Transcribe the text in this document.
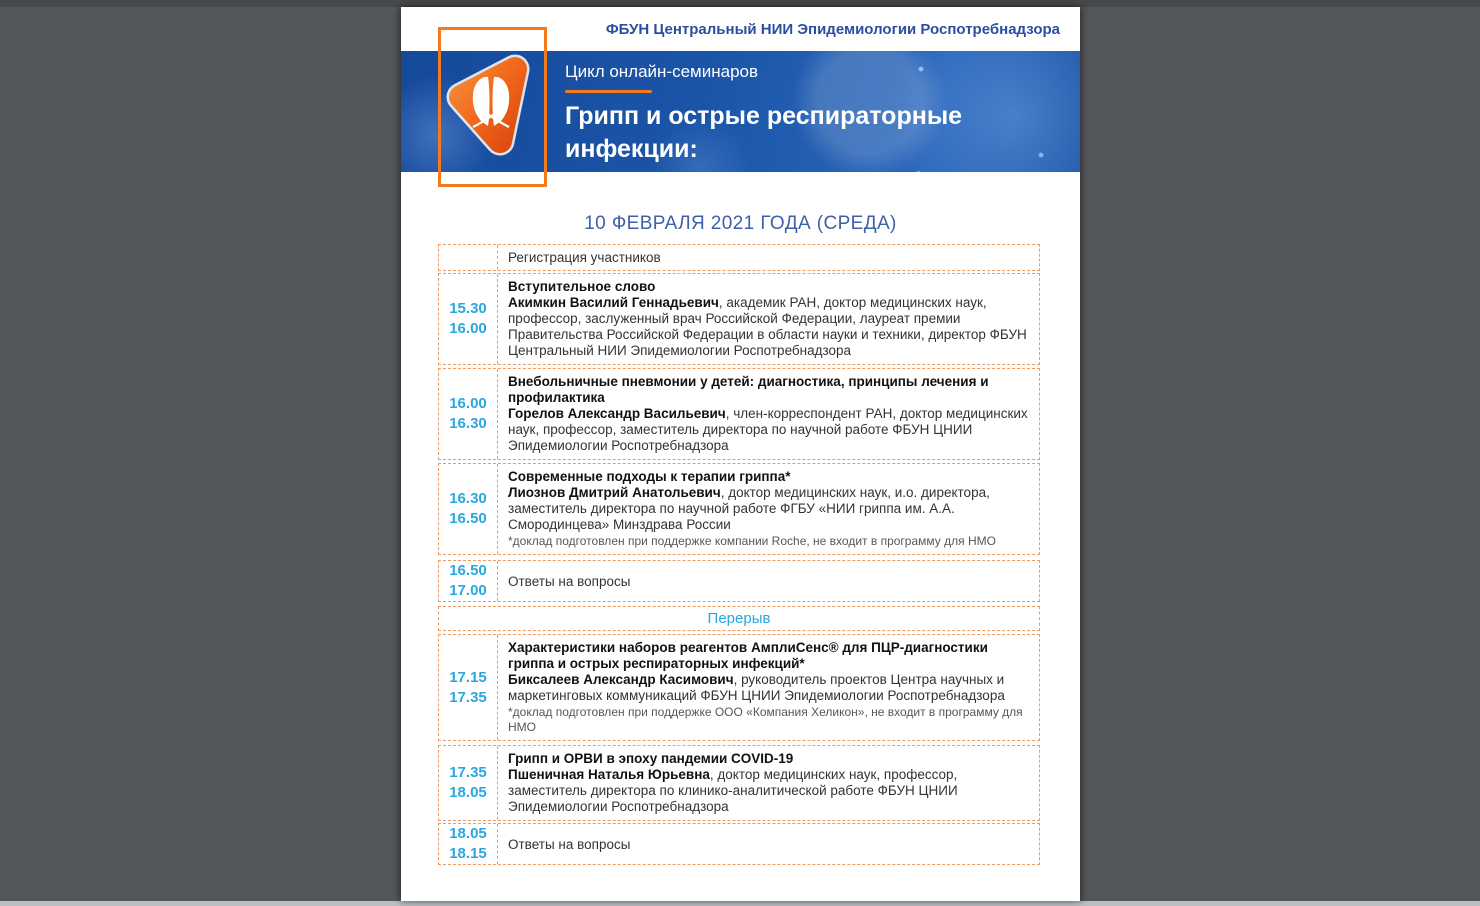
ФБУН Центральный НИИ Эпидемиологии Роспотребнадзора
Цикл онлайн-семинаров
Грипп и острые респираторные инфекции:
диагностика, терапия и профилактика
10 ФЕВРАЛЯ 2021 ГОДА (СРЕДА)
Регистрация участников
15.30
16.00
Вступительное слово
Акимкин Василий Геннадьевич, академик РАН, доктор медицинских наук, профессор, заслуженный врач Российской Федерации, лауреат премии Правительства Российской Федерации в области науки и техники, директор ФБУН Центральный НИИ Эпидемиологии Роспотребнадзора
16.00
16.30
Внебольничные пневмонии у детей: диагностика, принципы лечения и профилактика
Горелов Александр Васильевич, член-корреспондент РАН, доктор медицинских наук, профессор, заместитель директора по научной работе ФБУН ЦНИИ Эпидемиологии Роспотребнадзора
16.30
16.50
Современные подходы к терапии гриппа*
Лиознов Дмитрий Анатольевич, доктор медицинских наук, и.о. директора, заместитель директора по научной работе ФГБУ «НИИ гриппа им. А.А. Смородинцева» Минздрава России
*доклад подготовлен при поддержке компании Roche, не входит в программу для НМО
16.50
17.00
Ответы на вопросы
Перерыв
17.15
17.35
Характеристики наборов реагентов АмплиСенс® для ПЦР-диагностики гриппа и острых респираторных инфекций*
Биксалеев Александр Касимович, руководитель проектов Центра научных и маркетинговых коммуникаций ФБУН ЦНИИ Эпидемиологии Роспотребнадзора
*доклад подготовлен при поддержке ООО «Компания Хеликон», не входит в программу для НМО
17.35
18.05
Грипп и ОРВИ в эпоху пандемии COVID-19
Пшеничная Наталья Юрьевна, доктор медицинских наук, профессор, заместитель директора по клинико-аналитической работе ФБУН ЦНИИ Эпидемиологии Роспотребнадзора
18.05
18.15
Ответы на вопросы
